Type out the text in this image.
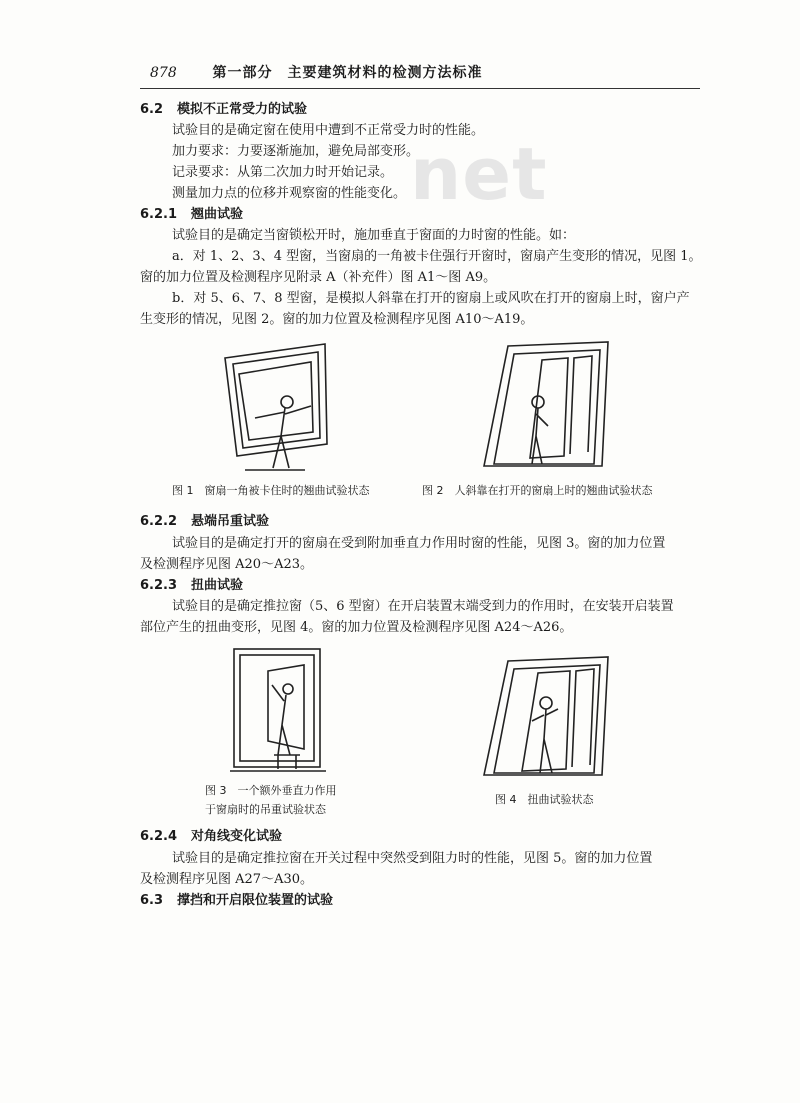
878	第一部分　主要建筑材料的检测方法标准
net
6.2 模拟不正常受力的试验
试验目的是确定窗在使用中遭到不正常受力时的性能。
加力要求：力要逐渐施加，避免局部变形。
记录要求：从第二次加力时开始记录。
测量加力点的位移并观察窗的性能变化。
6.2.1 翘曲试验
试验目的是确定当窗锁松开时，施加垂直于窗面的力时窗的性能。如：
a．对 1、2、3、4 型窗，当窗扇的一角被卡住强行开窗时，窗扇产生变形的情况，见图 1。
窗的加力位置及检测程序见附录 A（补充件）图 A1～图 A9。
b．对 5、6、7、8 型窗，是模拟人斜靠在打开的窗扇上或风吹在打开的窗扇上时，窗户产
生变形的情况，见图 2。窗的加力位置及检测程序见图 A10～A19。
图 1　窗扇一角被卡住时的翘曲试验状态	图 2　人斜靠在打开的窗扇上时的翘曲试验状态
6.2.2 悬端吊重试验
试验目的是确定打开的窗扇在受到附加垂直力作用时窗的性能，见图 3。窗的加力位置
及检测程序见图 A20～A23。
6.2.3 扭曲试验
试验目的是确定推拉窗（5、6 型窗）在开启装置末端受到力的作用时，在安装开启装置
部位产生的扭曲变形，见图 4。窗的加力位置及检测程序见图 A24～A26。
图 3　一个额外垂直力作用
于窗扇时的吊重试验状态
图 4　扭曲试验状态
6.2.4 对角线变化试验
试验目的是确定推拉窗在开关过程中突然受到阻力时的性能，见图 5。窗的加力位置
及检测程序见图 A27～A30。
6.3 撑挡和开启限位装置的试验
